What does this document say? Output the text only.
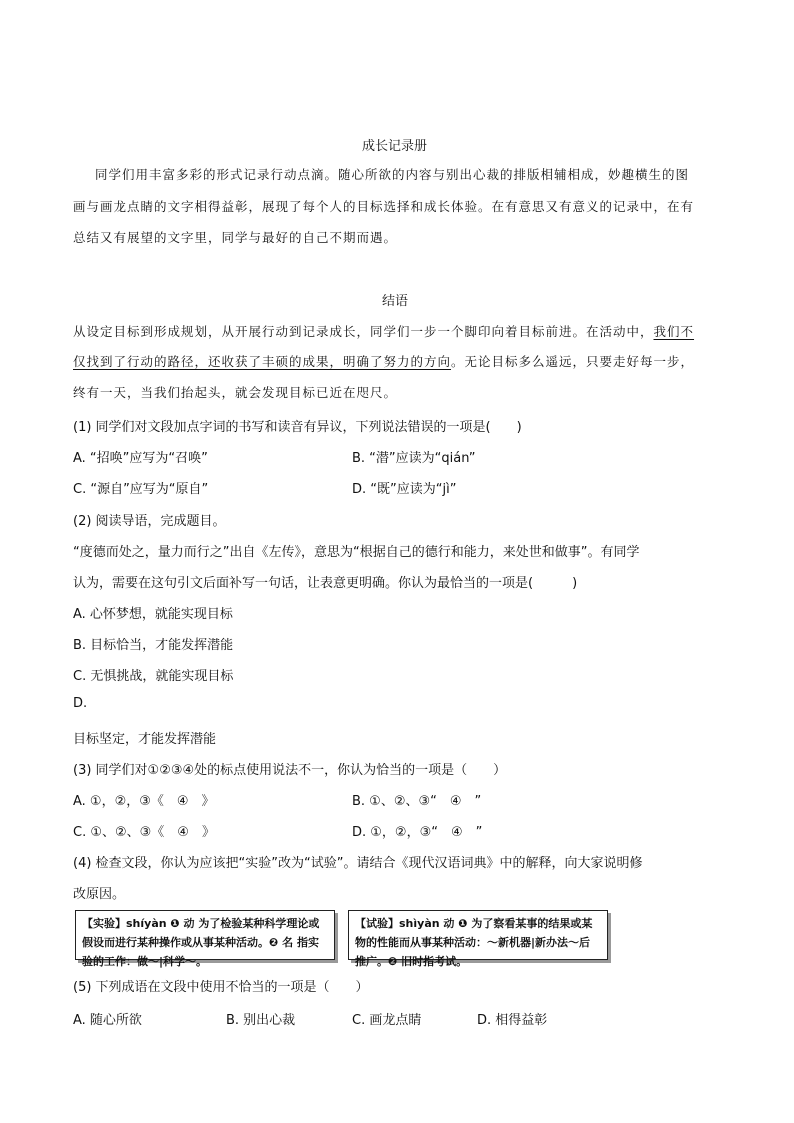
成长记录册
同学们用丰富多彩的形式记录行动点滴。随心所欲的内容与别出心裁的排版相辅相成，妙趣横生的图
画与画龙点睛的文字相得益彰，展现了每个人的目标选择和成长体验。在有意思又有意义的记录中，在有
总结又有展望的文字里，同学与最好的自己不期而遇。
结语
从设定目标到形成规划，从开展行动到记录成长，同学们一步一个脚印向着目标前进。在活动中，我们不
仅找到了行动的路径，还收获了丰硕的成果，明确了努力的方向。无论目标多么遥远，只要走好每一步，
终有一天，当我们抬起头，就会发现目标已近在咫尺。
(1) 同学们对文段加点字词的书写和读音有异议，下列说法错误的一项是(　　)
A. “招唤”应写为“召唤”	B. “潜”应读为“qián”
C. “源自”应写为“原自”	D. “既”应读为“jì”
(2) 阅读导语，完成题目。
“度德而处之，量力而行之”出自《左传》，意思为“根据自己的德行和能力，来处世和做事”。有同学
认为，需要在这句引文后面补写一句话，让表意更明确。你认为最恰当的一项是(　　　)
A. 心怀梦想，就能实现目标
B. 目标恰当，才能发挥潜能
C. 无惧挑战，就能实现目标
D.
目标坚定，才能发挥潜能
(3) 同学们对①②③④处的标点使用说法不一，你认为恰当的一项是（　　）
A. ①，②，③《　④　》	B. ①、②、③“　④　”
C. ①、②、③《　④　》	D. ①，②，③“　④　”
(4) 检查文段，你认为应该把“实验”改为“试验”。请结合《现代汉语词典》中的解释，向大家说明修
改原因。
【实验】shíyàn ❶ 动 为了检验某种科学理论或假设而进行某种操作或从事某种活动。❷ 名 指实验的工作：做～|科学～。
【试验】shìyàn 动 ❶ 为了察看某事的结果或某物的性能而从事某种活动：～新机器|新办法～后推广。❷ 旧时指考试。
(5) 下列成语在文段中使用不恰当的一项是（　　）
A. 随心所欲	B. 别出心裁	C. 画龙点睛	D. 相得益彰
